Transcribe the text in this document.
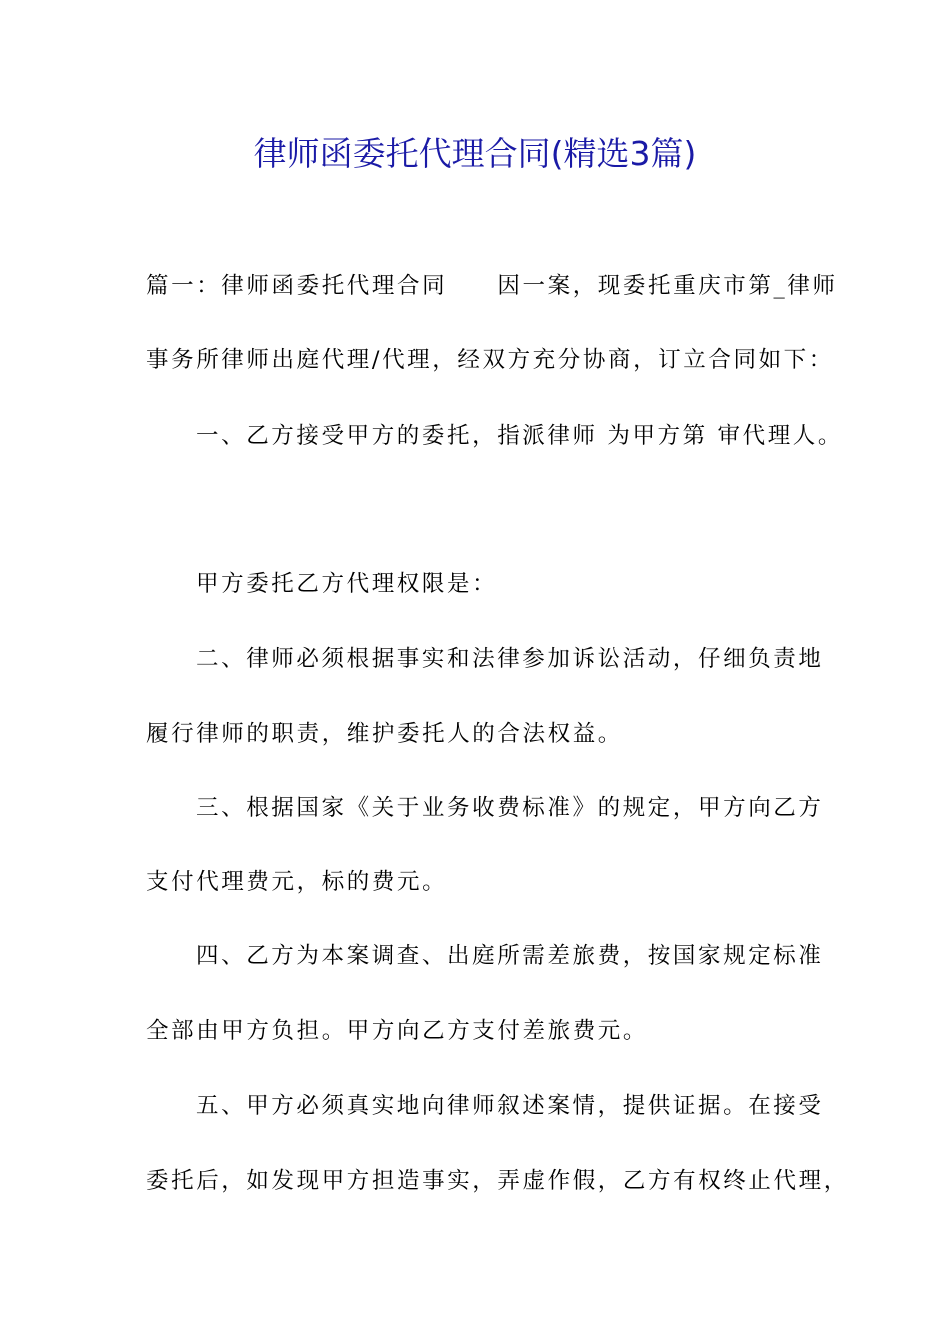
律师函委托代理合同(精选3篇)
篇一：律师函委托代理合同　　因一案，现委托重庆市第_律师
事务所律师出庭代理/代理，经双方充分协商，订立合同如下：
一、乙方接受甲方的委托，指派律师 为甲方第 审代理人。
甲方委托乙方代理权限是：
二、律师必须根据事实和法律参加诉讼活动，仔细负责地
履行律师的职责，维护委托人的合法权益。
三、根据国家《关于业务收费标准》的规定，甲方向乙方
支付代理费元，标的费元。
四、乙方为本案调查、出庭所需差旅费，按国家规定标准
全部由甲方负担。甲方向乙方支付差旅费元。
五、甲方必须真实地向律师叙述案情，提供证据。在接受
委托后，如发现甲方担造事实，弄虚作假，乙方有权终止代理，
